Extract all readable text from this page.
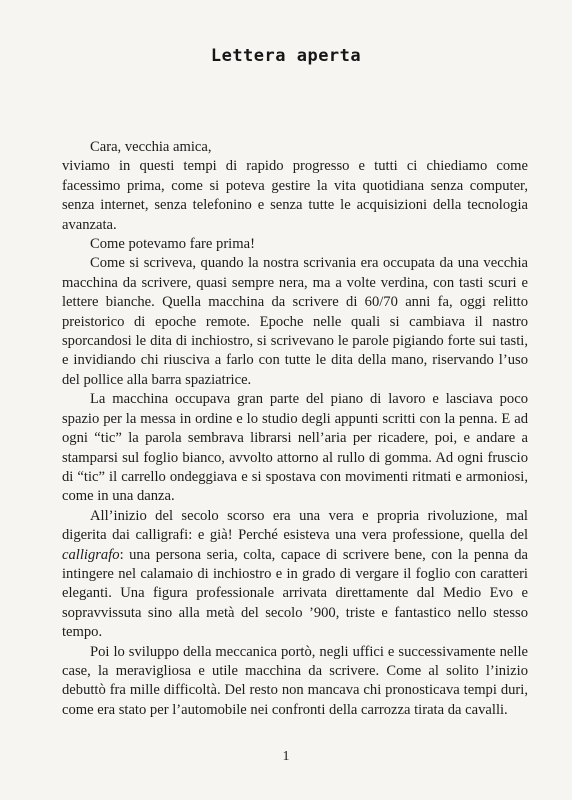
Lettera aperta

Cara, vecchia amica,

viviamo in questi tempi di rapido progresso e tutti ci chiediamo come facessimo prima, come si poteva gestire la vita quotidiana senza computer, senza internet, senza telefonino e senza tutte le acquisizioni della tecnologia avanzata.

Come potevamo fare prima!

Come si scriveva, quando la nostra scrivania era occupata da una vecchia macchina da scrivere, quasi sempre nera, ma a volte verdina, con tasti scuri e lettere bianche. Quella macchina da scrivere di 60/70 anni fa, oggi relitto preistorico di epoche remote. Epoche nelle quali si cambiava il nastro sporcandosi le dita di inchiostro, si scrivevano le parole pigiando forte sui tasti, e invidiando chi riusciva a farlo con tutte le dita della mano, riservando l’uso del pollice alla barra spaziatrice.

La macchina occupava gran parte del piano di lavoro e lasciava poco spazio per la messa in ordine e lo studio degli appunti scritti con la penna. E ad ogni “tic” la parola sembrava librarsi nell’aria per ricadere, poi, e andare a stamparsi sul foglio bianco, avvolto attorno al rullo di gomma. Ad ogni fruscio di “tic” il carrello ondeggiava e si spostava con movimenti ritmati e armoniosi, come in una danza.

All’inizio del secolo scorso era una vera e propria rivoluzione, mal digerita dai calligrafi: e già! Perché esisteva una vera professione, quella del calligrafo: una persona seria, colta, capace di scrivere bene, con la penna da intingere nel calamaio di inchiostro e in grado di vergare il foglio con caratteri eleganti. Una figura professionale arrivata direttamente dal Medio Evo e sopravvissuta sino alla metà del secolo ’900, triste e fantastico nello stesso tempo.

Poi lo sviluppo della meccanica portò, negli uffici e successivamente nelle case, la meravigliosa e utile macchina da scrivere. Come al solito l’inizio debuttò fra mille difficoltà. Del resto non mancava chi pronosticava tempi duri, come era stato per l’automobile nei confronti della carrozza tirata da cavalli.

1
